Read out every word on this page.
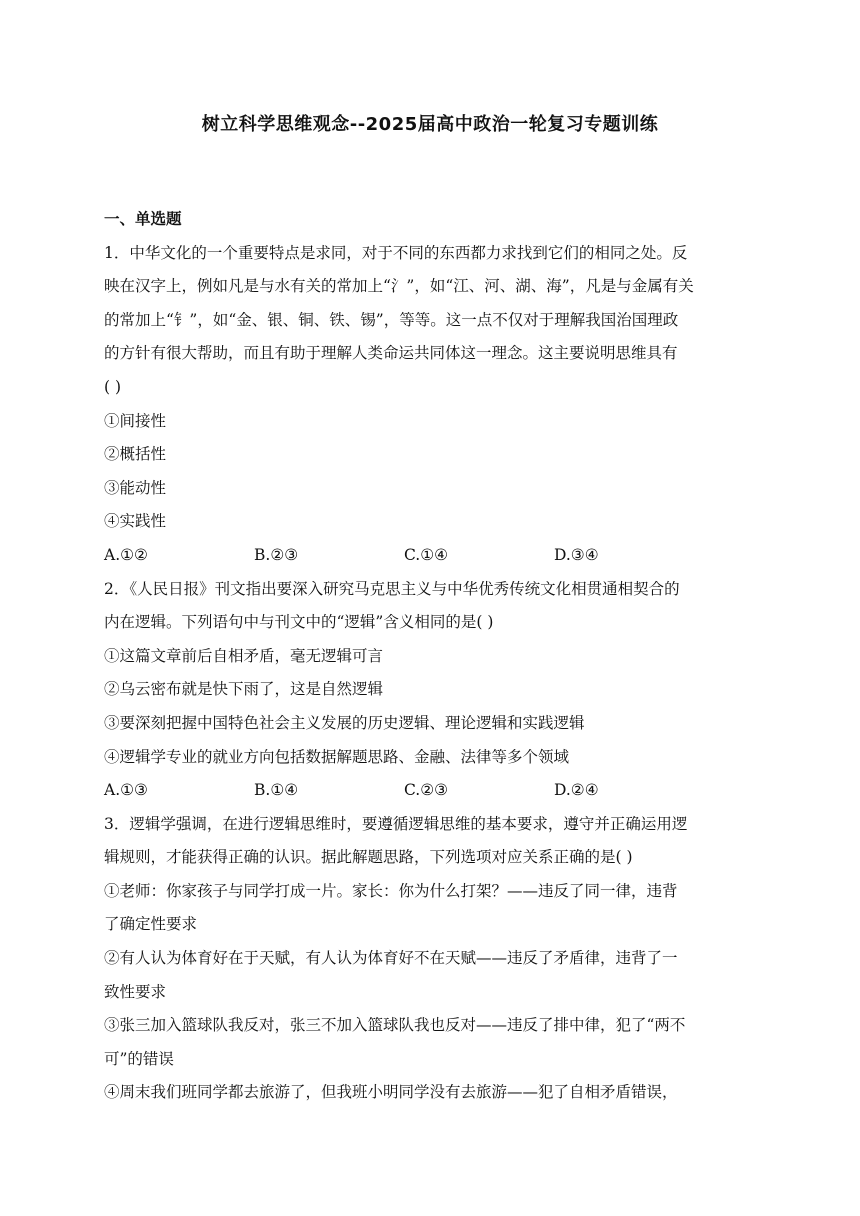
树立科学思维观念--2025届高中政治一轮复习专题训练
一、单选题
1．中华文化的一个重要特点是求同，对于不同的东西都力求找到它们的相同之处。反
映在汉字上，例如凡是与水有关的常加上“氵”，如“江、河、湖、海”，凡是与金属有关
的常加上“钅”，如“金、银、铜、铁、锡”，等等。这一点不仅对于理解我国治国理政
的方针有很大帮助，而且有助于理解人类命运共同体这一理念。这主要说明思维具有
( )
①间接性
②概括性
③能动性
④实践性
A.①②	B.②③	C.①④	D.③④
2．《人民日报》刊文指出要深入研究马克思主义与中华优秀传统文化相贯通相契合的
内在逻辑。下列语句中与刊文中的“逻辑”含义相同的是( )
①这篇文章前后自相矛盾，毫无逻辑可言
②乌云密布就是快下雨了，这是自然逻辑
③要深刻把握中国特色社会主义发展的历史逻辑、理论逻辑和实践逻辑
④逻辑学专业的就业方向包括数据解题思路、金融、法律等多个领域
A.①③	B.①④	C.②③	D.②④
3．逻辑学强调，在进行逻辑思维时，要遵循逻辑思维的基本要求，遵守并正确运用逻
辑规则，才能获得正确的认识。据此解题思路，下列选项对应关系正确的是( )
①老师：你家孩子与同学打成一片。家长：你为什么打架？——违反了同一律，违背
了确定性要求
②有人认为体育好在于天赋，有人认为体育好不在天赋——违反了矛盾律，违背了一
致性要求
③张三加入篮球队我反对，张三不加入篮球队我也反对——违反了排中律，犯了“两不
可”的错误
④周末我们班同学都去旅游了，但我班小明同学没有去旅游——犯了自相矛盾错误，
